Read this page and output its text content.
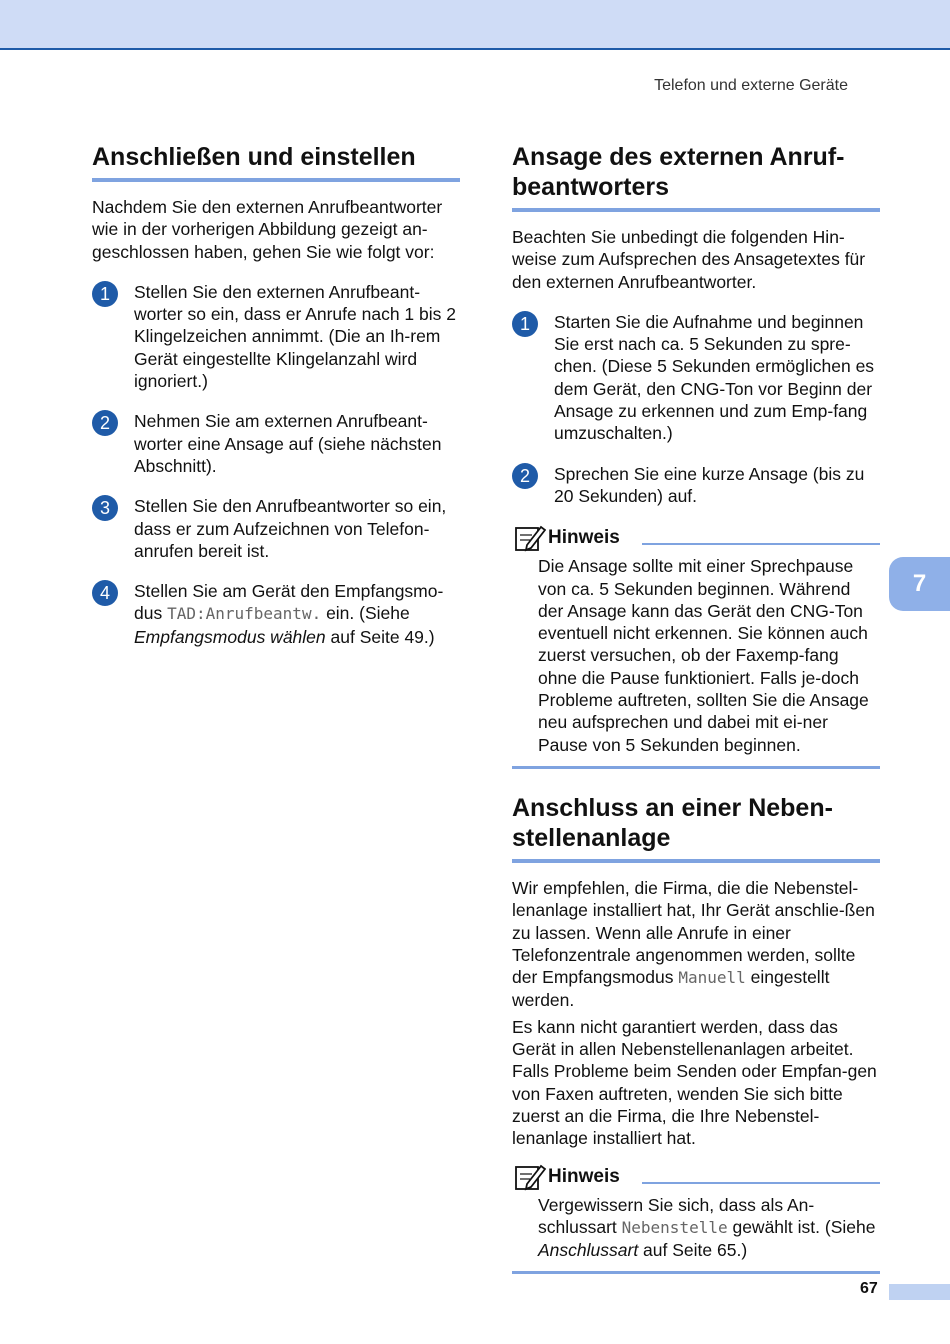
Telefon und externe Geräte
Anschließen und einstellen

Nachdem Sie den externen Anrufbeantworter wie in der vorherigen Abbildung gezeigt an-geschlossen haben, gehen Sie wie folgt vor:

1	Stellen Sie den externen Anrufbeant-worter so ein, dass er Anrufe nach 1 bis 2 Klingelzeichen annimmt. (Die an Ih-rem Gerät eingestellte Klingelanzahl wird ignoriert.)

2	Nehmen Sie am externen Anrufbeant-worter eine Ansage auf (siehe nächsten Abschnitt).

3	Stellen Sie den Anrufbeantworter so ein, dass er zum Aufzeichnen von Telefon-anrufen bereit ist.

4	Stellen Sie am Gerät den Empfangsmo-dus TAD:Anrufbeantw. ein. (Siehe Empfangsmodus wählen auf Seite 49.)

Ansage des externen Anruf-beantworters

Beachten Sie unbedingt die folgenden Hin-weise zum Aufsprechen des Ansagetextes für den externen Anrufbeantworter.

1	Starten Sie die Aufnahme und beginnen Sie erst nach ca. 5 Sekunden zu spre-chen. (Diese 5 Sekunden ermöglichen es dem Gerät, den CNG-Ton vor Beginn der Ansage zu erkennen und zum Emp-fang umzuschalten.)

2	Sprechen Sie eine kurze Ansage (bis zu 20 Sekunden) auf.

Hinweis

Die Ansage sollte mit einer Sprechpause von ca. 5 Sekunden beginnen. Während der Ansage kann das Gerät den CNG-Ton eventuell nicht erkennen. Sie können auch zuerst versuchen, ob der Faxemp-fang ohne die Pause funktioniert. Falls je-doch Probleme auftreten, sollten Sie die Ansage neu aufsprechen und dabei mit ei-ner Pause von 5 Sekunden beginnen.

Anschluss an einer Neben-stellenanlage

Wir empfehlen, die Firma, die die Nebenstel-lenanlage installiert hat, Ihr Gerät anschlie-ßen zu lassen. Wenn alle Anrufe in einer Telefonzentrale angenommen werden, sollte der Empfangsmodus Manuell eingestellt werden.

Es kann nicht garantiert werden, dass das Gerät in allen Nebenstellenanlagen arbeitet. Falls Probleme beim Senden oder Empfan-gen von Faxen auftreten, wenden Sie sich bitte zuerst an die Firma, die Ihre Nebenstel-lenanlage installiert hat.

Hinweis

Vergewissern Sie sich, dass als An-schlussart Nebenstelle gewählt ist. (Siehe Anschlussart auf Seite 65.)

7
67
